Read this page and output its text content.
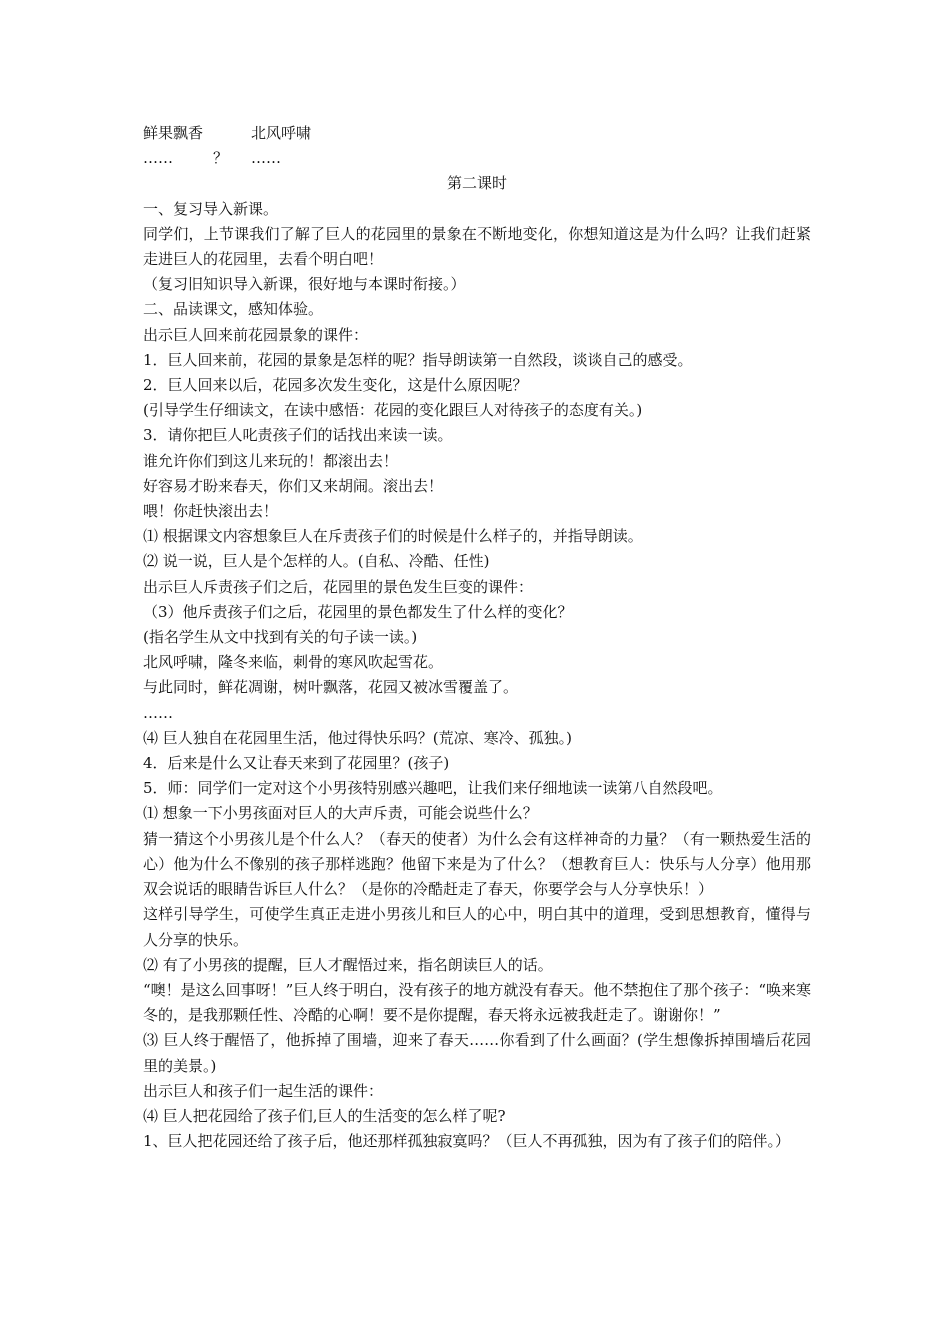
鲜果飘香	北风呼啸

……	？ ……

第二课时

一、复习导入新课。

同学们，上节课我们了解了巨人的花园里的景象在不断地变化，你想知道这是为什么吗？让我们赶紧走进巨人的花园里，去看个明白吧！

（复习旧知识导入新课，很好地与本课时衔接。）

二、品读课文，感知体验。

出示巨人回来前花园景象的课件：

1．巨人回来前，花园的景象是怎样的呢？指导朗读第一自然段，谈谈自己的感受。

2．巨人回来以后，花园多次发生变化，这是什么原因呢？

(引导学生仔细读文，在读中感悟：花园的变化跟巨人对待孩子的态度有关。)

3．请你把巨人叱责孩子们的话找出来读一读。

谁允许你们到这儿来玩的！都滚出去！

好容易才盼来春天，你们又来胡闹。滚出去！

喂！你赶快滚出去！

⑴ 根据课文内容想象巨人在斥责孩子们的时候是什么样子的，并指导朗读。

⑵ 说一说，巨人是个怎样的人。(自私、冷酷、任性)

出示巨人斥责孩子们之后，花园里的景色发生巨变的课件：

（3）他斥责孩子们之后，花园里的景色都发生了什么样的变化？

(指名学生从文中找到有关的句子读一读。)

北风呼啸，隆冬来临，刺骨的寒风吹起雪花。

与此同时，鲜花凋谢，树叶飘落，花园又被冰雪覆盖了。

……

⑷ 巨人独自在花园里生活，他过得快乐吗？(荒凉、寒冷、孤独。)

4．后来是什么又让春天来到了花园里？(孩子)

5．师：同学们一定对这个小男孩特别感兴趣吧，让我们来仔细地读一读第八自然段吧。

⑴ 想象一下小男孩面对巨人的大声斥责，可能会说些什么？

猜一猜这个小男孩儿是个什么人？（春天的使者）为什么会有这样神奇的力量？（有一颗热爱生活的心）他为什么不像别的孩子那样逃跑？他留下来是为了什么？（想教育巨人：快乐与人分享）他用那双会说话的眼睛告诉巨人什么？（是你的冷酷赶走了春天，你要学会与人分享快乐！）

这样引导学生，可使学生真正走进小男孩儿和巨人的心中，明白其中的道理，受到思想教育，懂得与人分享的快乐。

⑵ 有了小男孩的提醒，巨人才醒悟过来，指名朗读巨人的话。

“噢！是这么回事呀！”巨人终于明白，没有孩子的地方就没有春天。他不禁抱住了那个孩子：“唤来寒冬的，是我那颗任性、冷酷的心啊！要不是你提醒，春天将永远被我赶走了。谢谢你！”

⑶ 巨人终于醒悟了，他拆掉了围墙，迎来了春天……你看到了什么画面？(学生想像拆掉围墙后花园里的美景。)

出示巨人和孩子们一起生活的课件：

⑷ 巨人把花园给了孩子们,巨人的生活变的怎么样了呢?

1、巨人把花园还给了孩子后，他还那样孤独寂寞吗？（巨人不再孤独，因为有了孩子们的陪伴。）
